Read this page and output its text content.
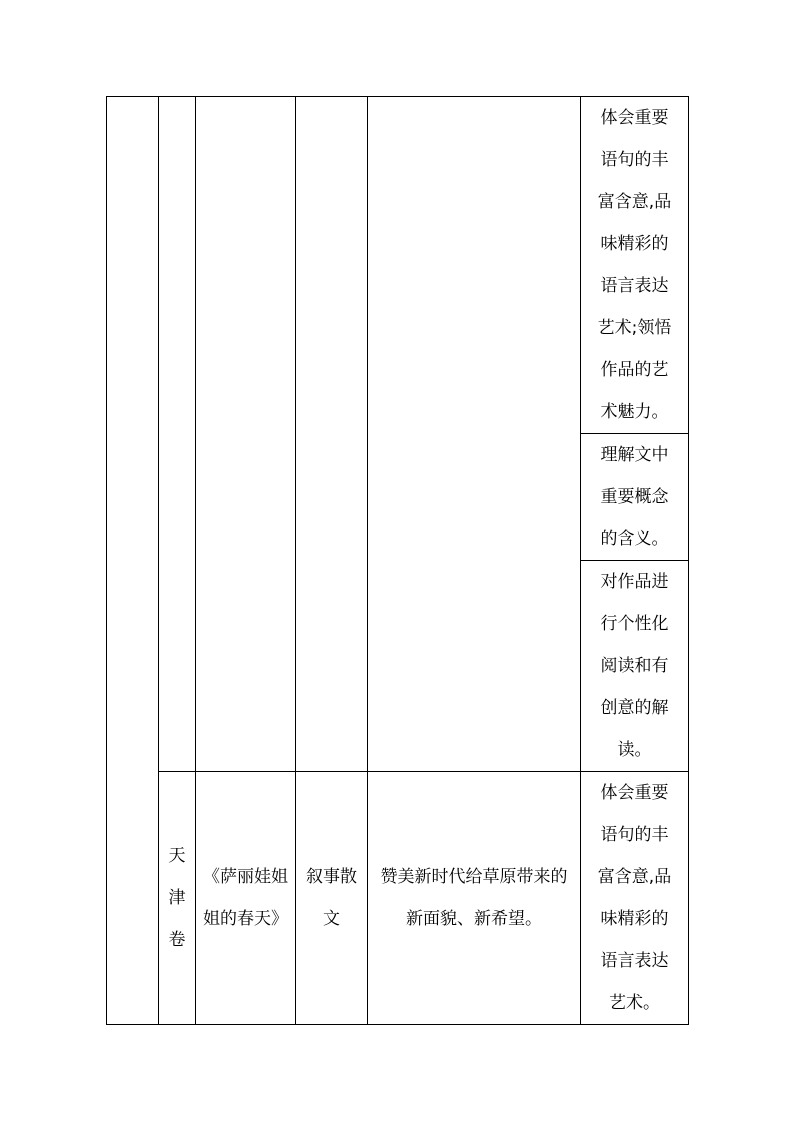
					体会重要语句的丰富含意,品味精彩的语言表达艺术;领悟作品的艺术魅力。

					理解文中重要概念的含义。

					对作品进行个性化阅读和有创意的解读。

	天津卷	《萨丽娃姐姐的春天》	叙事散文	赞美新时代给草原带来的新面貌、新希望。	体会重要语句的丰富含意,品味精彩的语言表达艺术。
